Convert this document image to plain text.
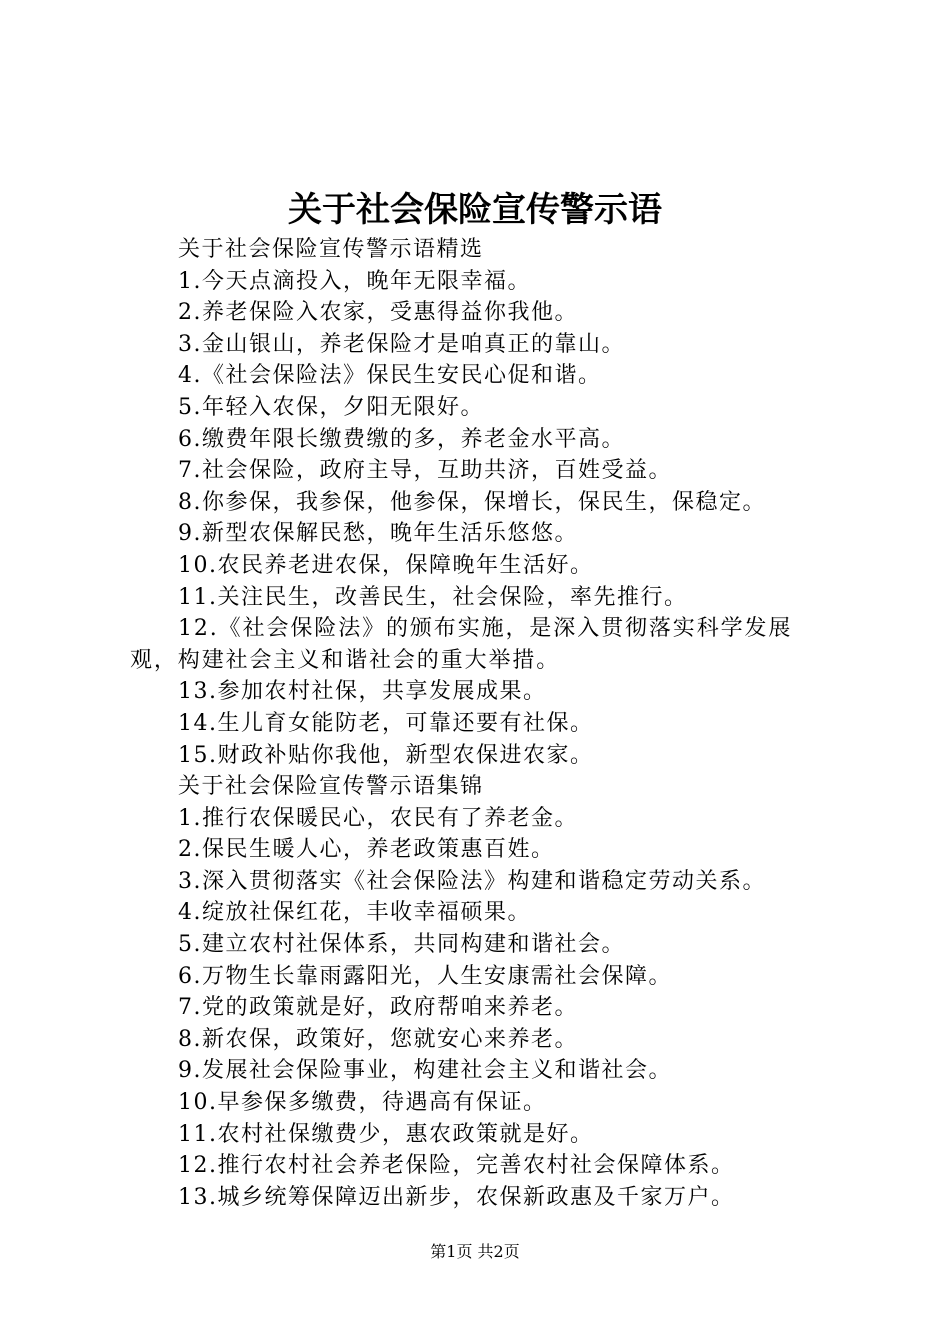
关于社会保险宣传警示语

关于社会保险宣传警示语精选

1.今天点滴投入，晚年无限幸福。

2.养老保险入农家，受惠得益你我他。

3.金山银山，养老保险才是咱真正的靠山。

4.《社会保险法》保民生安民心促和谐。

5.年轻入农保，夕阳无限好。

6.缴费年限长缴费缴的多，养老金水平高。

7.社会保险，政府主导，互助共济，百姓受益。

8.你参保，我参保，他参保，保增长，保民生，保稳定。

9.新型农保解民愁，晚年生活乐悠悠。

10.农民养老进农保，保障晚年生活好。

11.关注民生，改善民生，社会保险，率先推行。

12.《社会保险法》的颁布实施，是深入贯彻落实科学发展观，构建社会主义和谐社会的重大举措。

13.参加农村社保，共享发展成果。

14.生儿育女能防老，可靠还要有社保。

15.财政补贴你我他，新型农保进农家。

关于社会保险宣传警示语集锦

1.推行农保暖民心，农民有了养老金。

2.保民生暖人心，养老政策惠百姓。

3.深入贯彻落实《社会保险法》构建和谐稳定劳动关系。

4.绽放社保红花，丰收幸福硕果。

5.建立农村社保体系，共同构建和谐社会。

6.万物生长靠雨露阳光，人生安康需社会保障。

7.党的政策就是好，政府帮咱来养老。

8.新农保，政策好，您就安心来养老。

9.发展社会保险事业，构建社会主义和谐社会。

10.早参保多缴费，待遇高有保证。

11.农村社保缴费少，惠农政策就是好。

12.推行农村社会养老保险，完善农村社会保障体系。

13.城乡统筹保障迈出新步，农保新政惠及千家万户。

第1页 共2页
